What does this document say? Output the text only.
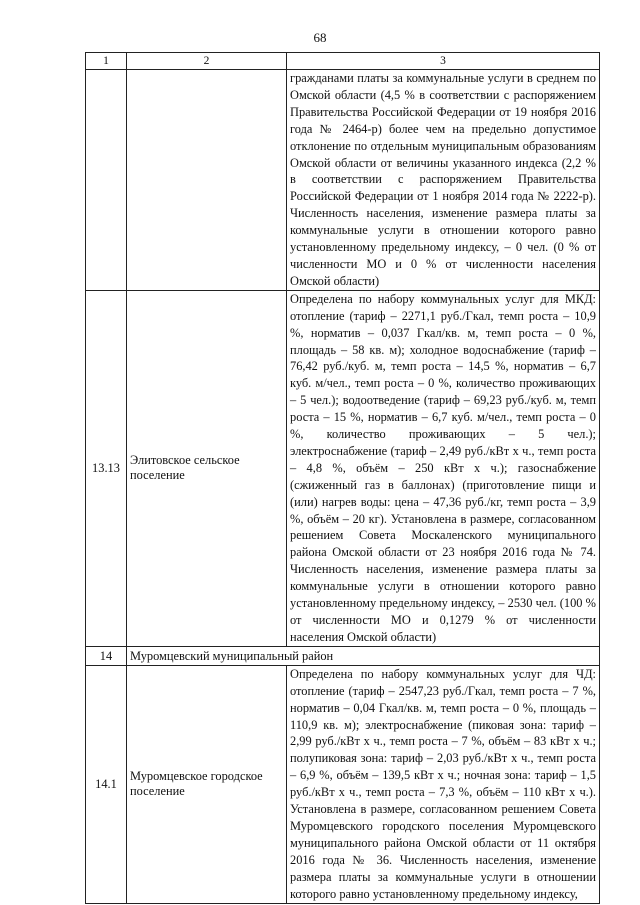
68
1	2	3
		гражданами платы за коммунальные услуги в среднем по Омской области (4,5 % в соответствии с распоряжением Правительства Российской Федерации от 19 ноября 2016 года № 2464-р) более чем на предельно допустимое отклонение по отдельным муниципальным образованиям Омской области от величины указанного индекса (2,2 % в соответствии с распоряжением Правительства Российской Федерации от 1 ноября 2014 года № 2222-р). Численность населения, изменение размера платы за коммунальные услуги в отношении которого равно установленному предельному индексу, – 0 чел. (0 % от численности МО и 0 % от численности населения Омской области)
13.13	Элитовское сельское поселение	Определена по набору коммунальных услуг для МКД: отопление (тариф – 2271,1 руб./Гкал, темп роста – 10,9 %, норматив – 0,037 Гкал/кв. м, темп роста – 0 %, площадь – 58 кв. м); холодное водоснабжение (тариф – 76,42 руб./куб. м, темп роста – 14,5 %, норматив – 6,7 куб. м/чел., темп роста – 0 %, количество проживающих – 5 чел.); водоотведение (тариф – 69,23 руб./куб. м, темп роста – 15 %, норматив – 6,7 куб. м/чел., темп роста – 0 %, количество проживающих – 5 чел.); электроснабжение (тариф – 2,49 руб./кВт х ч., темп роста – 4,8 %, объём – 250 кВт х ч.); газоснабжение (сжиженный газ в баллонах) (приготовление пищи и (или) нагрев воды: цена – 47,36 руб./кг, темп роста – 3,9 %, объём – 20 кг). Установлена в размере, согласованном решением Совета Москаленского муниципального района Омской области от 23 ноября 2016 года № 74. Численность населения, изменение размера платы за коммунальные услуги в отношении которого равно установленному предельному индексу, – 2530 чел. (100 % от численности МО и 0,1279 % от численности населения Омской области)
14	Муромцевский муниципальный район	
14.1	Муромцевское городское поселение	Определена по набору коммунальных услуг для ЧД: отопление (тариф – 2547,23 руб./Гкал, темп роста – 7 %, норматив – 0,04 Гкал/кв. м, темп роста – 0 %, площадь – 110,9 кв. м); электроснабжение (пиковая зона: тариф – 2,99 руб./кВт х ч., темп роста – 7 %, объём – 83 кВт х ч.; полупиковая зона: тариф – 2,03 руб./кВт х ч., темп роста – 6,9 %, объём – 139,5 кВт х ч.; ночная зона: тариф – 1,5 руб./кВт х ч., темп роста – 7,3 %, объём – 110 кВт х ч.). Установлена в размере, согласованном решением Совета Муромцевского городского поселения Муромцевского муниципального района Омской области от 11 октября 2016 года № 36. Численность населения, изменение размера платы за коммунальные услуги в отношении которого равно установленному предельному индексу,
